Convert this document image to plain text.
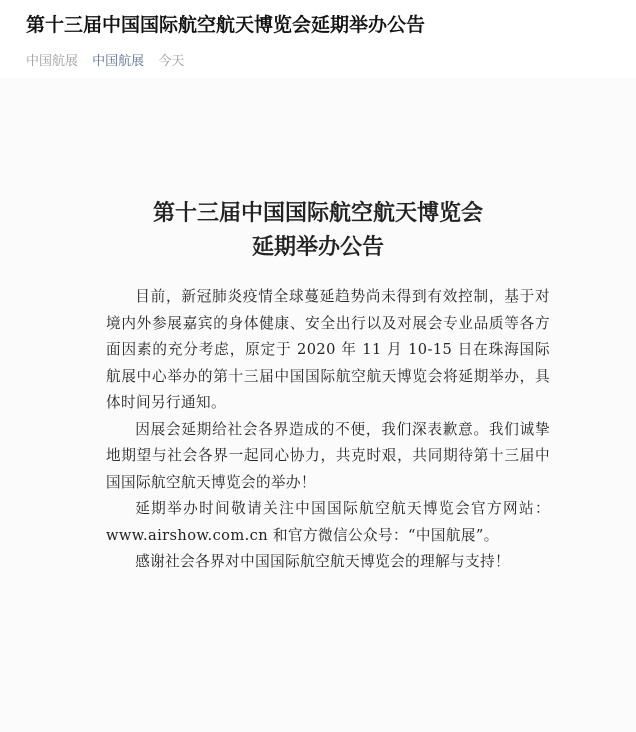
第十三届中国国际航空航天博览会延期举办公告
中国航展 中国航展 今天
第十三届中国国际航空航天博览会
延期举办公告

目前，新冠肺炎疫情全球蔓延趋势尚未得到有效控制，基于对境内外参展嘉宾的身体健康、安全出行以及对展会专业品质等各方面因素的充分考虑，原定于 2020 年 11 月 10-15 日在珠海国际航展中心举办的第十三届中国国际航空航天博览会将延期举办，具体时间另行通知。

因展会延期给社会各界造成的不便，我们深表歉意。我们诚挚地期望与社会各界一起同心协力，共克时艰，共同期待第十三届中国国际航空航天博览会的举办！

延期举办时间敬请关注中国国际航空航天博览会官方网站：www.airshow.com.cn 和官方微信公众号：“中国航展”。

感谢社会各界对中国国际航空航天博览会的理解与支持！
